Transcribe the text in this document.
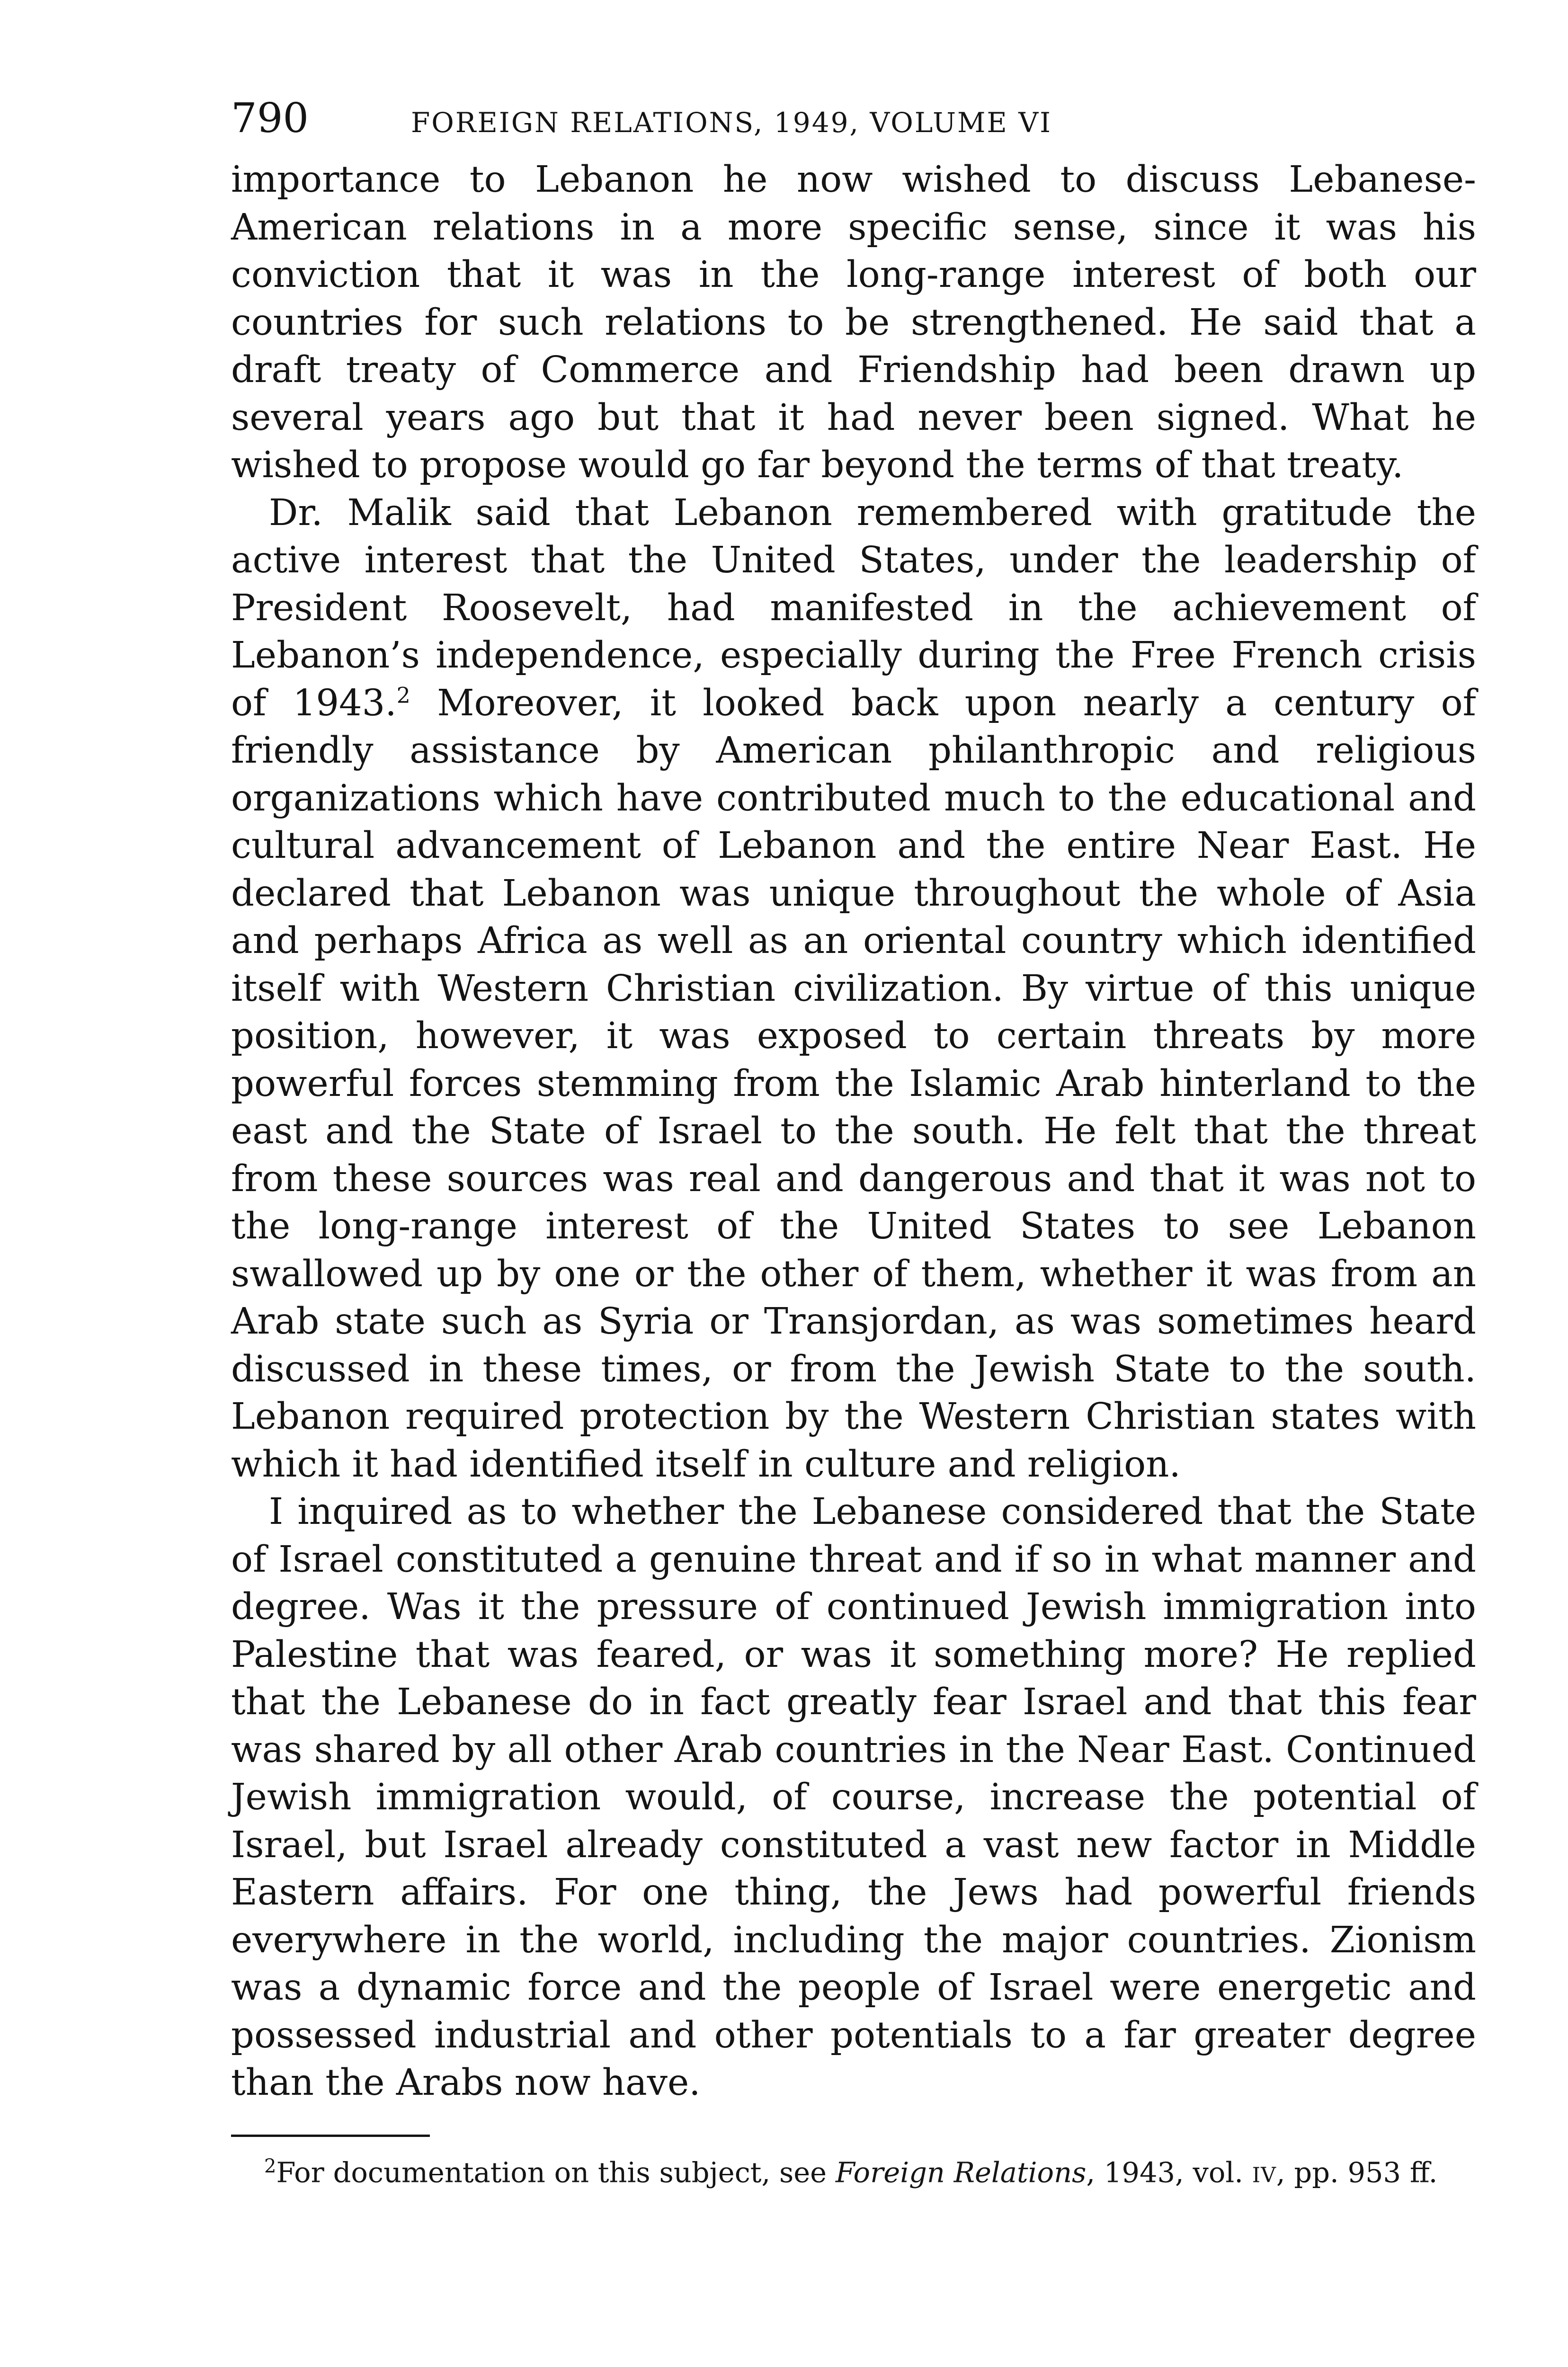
790	FOREIGN RELATIONS, 1949, VOLUME VI

importance to Lebanon he now wished to discuss Lebanese-American relations in a more specific sense, since it was his conviction that it was in the long-range interest of both our countries for such relations to be strengthened. He said that a draft treaty of Commerce and Friendship had been drawn up several years ago but that it had never been signed. What he wished to propose would go far beyond the terms of that treaty.

Dr. Malik said that Lebanon remembered with gratitude the active interest that the United States, under the leadership of President Roosevelt, had manifested in the achievement of Lebanon’s independence, especially during the Free French crisis of 1943.$^2$ Moreover, it looked back upon nearly a century of friendly assistance by American philanthropic and religious organizations which have contributed much to the educational and cultural advancement of Lebanon and the entire Near East. He declared that Lebanon was unique throughout the whole of Asia and perhaps Africa as well as an oriental country which identified itself with Western Christian civilization. By virtue of this unique position, however, it was exposed to certain threats by more powerful forces stemming from the Islamic Arab hinterland to the east and the State of Israel to the south. He felt that the threat from these sources was real and dangerous and that it was not to the long-range interest of the United States to see Lebanon swallowed up by one or the other of them, whether it was from an Arab state such as Syria or Transjordan, as was sometimes heard discussed in these times, or from the Jewish State to the south. Lebanon required protection by the Western Christian states with which it had identified itself in culture and religion.

I inquired as to whether the Lebanese considered that the State of Israel constituted a genuine threat and if so in what manner and degree. Was it the pressure of continued Jewish immigration into Palestine that was feared, or was it something more? He replied that the Lebanese do in fact greatly fear Israel and that this fear was shared by all other Arab countries in the Near East. Continued Jewish immigration would, of course, increase the potential of Israel, but Israel already constituted a vast new factor in Middle Eastern affairs. For one thing, the Jews had powerful friends everywhere in the world, including the major countries. Zionism was a dynamic force and the people of Israel were energetic and possessed industrial and other potentials to a far greater degree than the Arabs now have.

$^2$For documentation on this subject, see Foreign Relations, 1943, vol. IV, pp. 953 ff.
